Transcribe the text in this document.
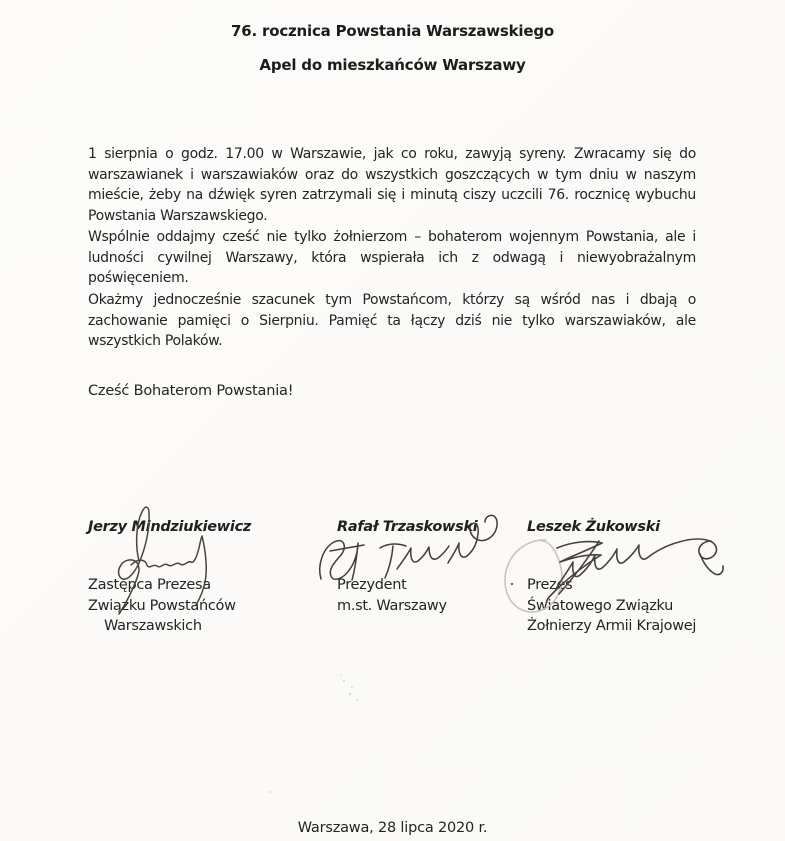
76. rocznica Powstania Warszawskiego
Apel do mieszkańców Warszawy

1 sierpnia o godz. 17.00 w Warszawie, jak co roku, zawyją syreny. Zwracamy się do warszawianek i warszawiaków oraz do wszystkich goszczących w tym dniu w naszym mieście, żeby na dźwięk syren zatrzymali się i minutą ciszy uczcili 76. rocznicę wybuchu Powstania Warszawskiego.

Wspólnie oddajmy cześć nie tylko żołnierzom – bohaterom wojennym Powstania, ale i ludności cywilnej Warszawy, która wspierała ich z odwagą i niewyobrażalnym poświęceniem.

Okażmy jednocześnie szacunek tym Powstańcom, którzy są wśród nas i dbają o zachowanie pamięci o Sierpniu. Pamięć ta łączy dziś nie tylko warszawiaków, ale wszystkich Polaków.

Cześć Bohaterom Powstania!
Jerzy Mindziukiewicz
Zastępca Prezesa
Związku Powstańców
Warszawskich
Rafał Trzaskowski
Prezydent
m.st. Warszawy
Leszek Żukowski
Prezes
Światowego Związku
Żołnierzy Armii Krajowej
Warszawa, 28 lipca 2020 r.
